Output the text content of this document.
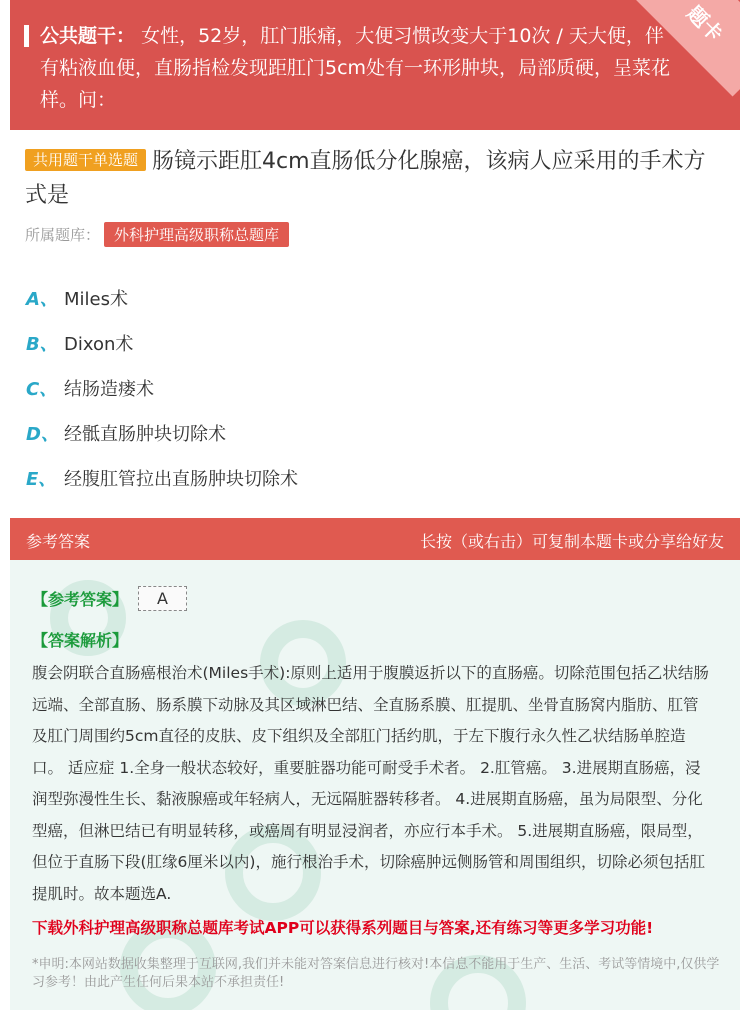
公共题干： 女性，52岁，肛门胀痛，大便习惯改变大于10次 / 天大便，伴有粘液血便，直肠指检发现距肛门5cm处有一环形肿块，局部质硬，呈菜花样。问：
题卡
共用题干单选题 肠镜示距肛4cm直肠低分化腺癌，该病人应采用的手术方式是
所属题库： 外科护理高级职称总题库
A、 Miles术
B、 Dixon术
C、 结肠造瘘术
D、 经骶直肠肿块切除术
E、 经腹肛管拉出直肠肿块切除术
参考答案	长按（或右击）可复制本题卡或分享给好友
【参考答案】	A
【答案解析】
腹会阴联合直肠癌根治术(Miles手术):原则上适用于腹膜返折以下的直肠癌。切除范围包括乙状结肠远端、全部直肠、肠系膜下动脉及其区域淋巴结、全直肠系膜、肛提肌、坐骨直肠窝内脂肪、肛管及肛门周围约5cm直径的皮肤、皮下组织及全部肛门括约肌，于左下腹行永久性乙状结肠单腔造口。 适应症 1.全身一般状态较好，重要脏器功能可耐受手术者。 2.肛管癌。 3.进展期直肠癌，浸润型弥漫性生长、黏液腺癌或年轻病人，无远隔脏器转移者。 4.进展期直肠癌，虽为局限型、分化型癌，但淋巴结已有明显转移，或癌周有明显浸润者，亦应行本手术。 5.进展期直肠癌，限局型，但位于直肠下段(肛缘6厘米以内)，施行根治手术，切除癌肿远侧肠管和周围组织，切除必须包括肛提肌时。故本题选A.
下载外科护理高级职称总题库考试APP可以获得系列题目与答案,还有练习等更多学习功能!
*申明:本网站数据收集整理于互联网,我们并未能对答案信息进行核对!本信息不能用于生产、生活、考试等情境中,仅供学习参考！由此产生任何后果本站不承担责任!
